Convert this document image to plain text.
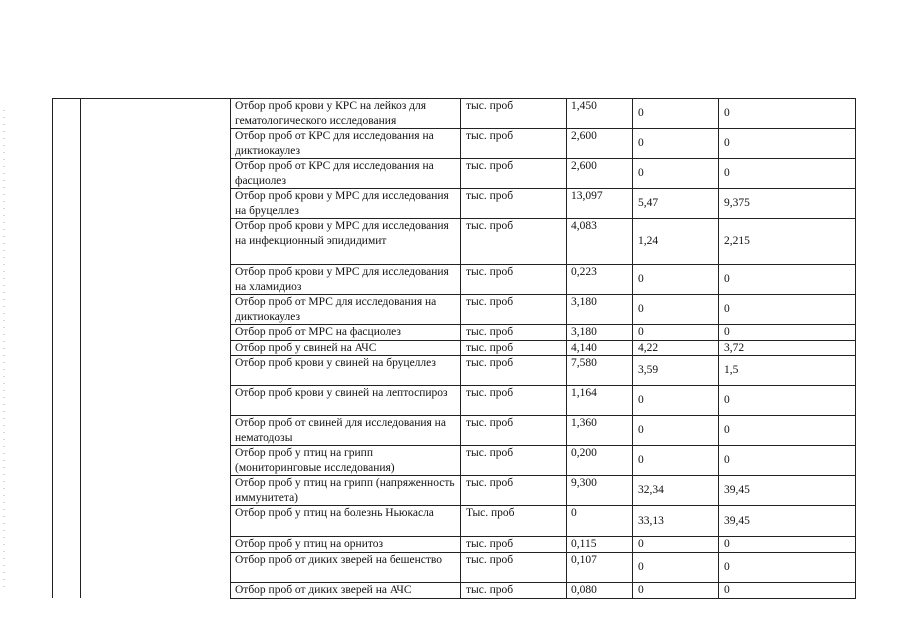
		Отбор проб крови у КРС на лейкоз для гематологического исследования	тыс. проб	1,450	0	0
		Отбор проб от КРС для исследования на диктиокаулез	тыс. проб	2,600	0	0
		Отбор проб от КРС для исследования на фасциолез	тыс. проб	2,600	0	0
		Отбор проб крови у МРС для исследования на бруцеллез	тыс. проб	13,097	5,47	9,375
		Отбор проб крови у МРС для исследования на инфекционный эпидидимит	тыс. проб	4,083	1,24	2,215
		Отбор проб крови у МРС для исследования на хламидиоз	тыс. проб	0,223	0	0
		Отбор проб от МРС для исследования на диктиокаулез	тыс. проб	3,180	0	0
		Отбор проб от МРС на фасциолез	тыс. проб	3,180	0	0
		Отбор проб у свиней на АЧС	тыс. проб	4,140	4,22	3,72
		Отбор проб крови у свиней на бруцеллез	тыс. проб	7,580	3,59	1,5
		Отбор проб крови у свиней на лептоспироз	тыс. проб	1,164	0	0
		Отбор проб от свиней для исследования на нематодозы	тыс. проб	1,360	0	0
		Отбор проб у птиц на грипп (мониторинговые исследования)	тыс. проб	0,200	0	0
		Отбор проб у птиц на грипп (напряженность иммунитета)	тыс. проб	9,300	32,34	39,45
		Отбор проб у птиц на болезнь Ньюкасла	Тыс. проб	0	33,13	39,45
		Отбор проб у птиц на орнитоз	тыс. проб	0,115	0	0
		Отбор проб от диких зверей на бешенство	тыс. проб	0,107	0	0
		Отбор проб от диких зверей на АЧС	тыс. проб	0,080	0	0
